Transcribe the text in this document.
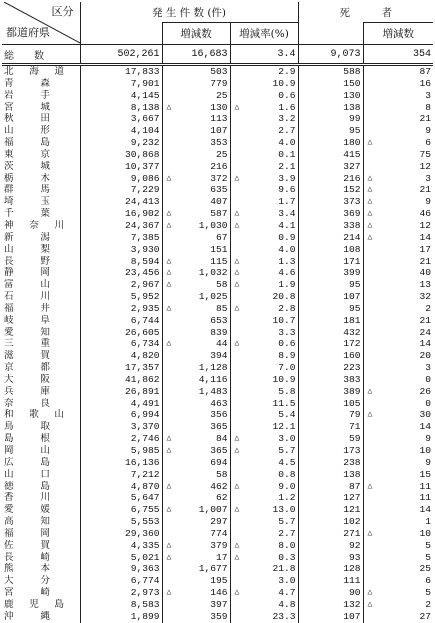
区分
都道府県	発 生 件 数 (件)			死　　　者	
		増減数	増減率(%)		増減数
総　　数	502,261	16,683	3.4	9,073	354

北 海 道	17,833	503	2.9	588	87

青 森	7,901	779	10.9	150	16

岩 手	4,145	25	0.6	130	3

宮 城	8,138	△ 130	△ 1.6	138	8

秋 田	3,667	113	3.2	99	21

山 形	4,104	107	2.7	95	9

福 島	9,232	353	4.0	180	△ 6

東 京	30,868	25	0.1	415	75

茨 城	10,377	216	2.1	327	12

栃 木	9,086	△ 372	△ 3.9	216	△ 3

群 馬	7,229	635	9.6	152	△ 21

埼 玉	24,413	407	1.7	373	△ 9

千 葉	16,902	△ 587	△ 3.4	369	△ 46

神 奈 川	24,367	△ 1,030	△ 4.1	338	△ 12

新 潟	7,385	67	0.9	214	△ 14

山 梨	3,930	151	4.0	108	17

長 野	8,594	△ 115	△ 1.3	171	21

静 岡	23,456	△ 1,032	△ 4.6	399	40

富 山	2,967	△ 58	△ 1.9	95	13

石 川	5,952	1,025	20.8	107	32

福 井	2,935	△ 85	△ 2.8	95	2

岐 阜	6,744	653	10.7	181	21

愛 知	26,605	839	3.3	432	24

三 重	6,734	△ 44	△ 0.6	172	14

滋 賀	4,820	394	8.9	160	20

京 都	17,357	1,128	7.0	223	3

大 阪	41,862	4,116	10.9	383	0

兵 庫	26,891	1,483	5.8	389	△ 26

奈 良	4,491	463	11.5	105	0

和 歌 山	6,994	356	5.4	79	△ 30

鳥 取	3,370	365	12.1	71	14

島 根	2,746	△ 84	△ 3.0	59	9

岡 山	5,985	△ 365	△ 5.7	173	10

広 島	16,136	694	4.5	238	9

山 口	7,212	58	0.8	138	15

徳 島	4,870	△ 462	△ 9.0	87	△ 11

香 川	5,647	62	1.2	127	11

愛 媛	6,755	△ 1,007	△ 13.0	121	14

高 知	5,553	297	5.7	102	1

福 岡	29,360	774	2.7	271	△ 10

佐 賀	4,335	△ 379	△ 8.0	92	5

長 崎	5,021	△ 17	△ 0.3	93	5

熊 本	9,363	1,677	21.8	128	25

大 分	6,774	195	3.0	111	6

宮 崎	2,973	△ 146	△ 4.7	90	△ 5

鹿 児 島	8,583	397	4.8	132	△ 2

沖 縄	1,899	359	23.3	107	27
